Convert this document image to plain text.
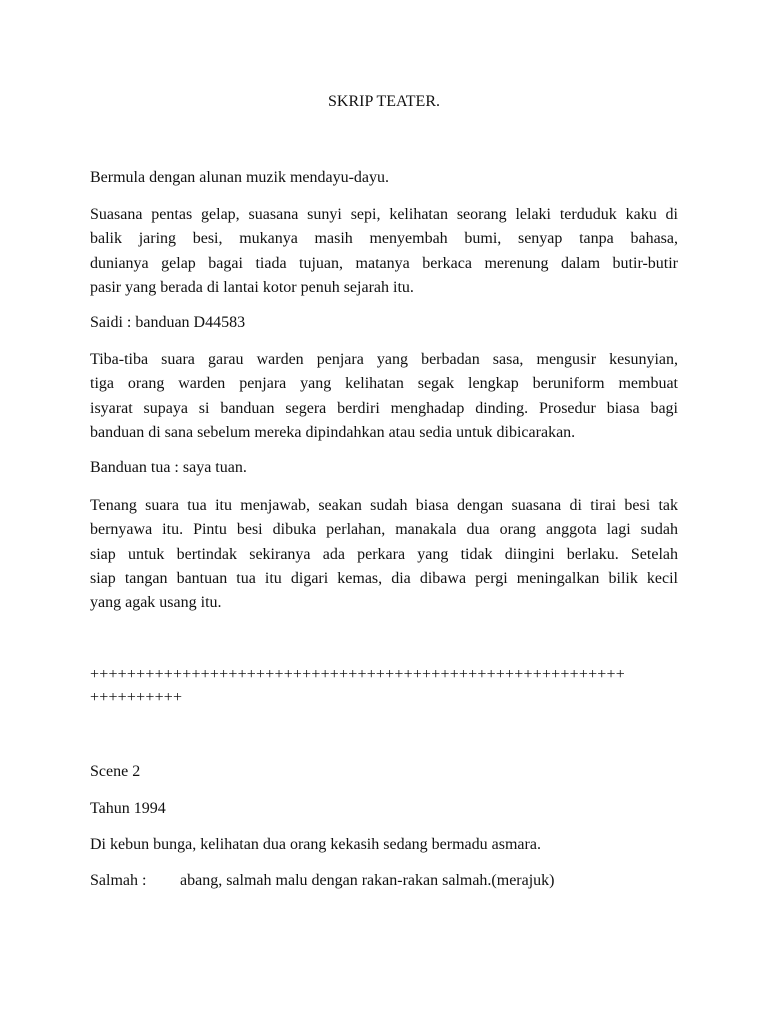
SKRIP TEATER.

Bermula dengan alunan muzik mendayu-dayu.

Suasana pentas gelap, suasana sunyi sepi, kelihatan seorang lelaki terduduk kaku di
balik jaring besi, mukanya masih menyembah bumi, senyap tanpa bahasa,
dunianya gelap bagai tiada tujuan, matanya berkaca merenung dalam butir-butir
pasir yang berada di lantai kotor penuh sejarah itu.

Saidi : banduan D44583

Tiba-tiba suara garau warden penjara yang berbadan sasa, mengusir kesunyian,
tiga orang warden penjara yang kelihatan segak lengkap beruniform membuat
isyarat supaya si banduan segera berdiri menghadap dinding. Prosedur biasa bagi
banduan di sana sebelum mereka dipindahkan atau sedia untuk dibicarakan.

Banduan tua : saya tuan.

Tenang suara tua itu menjawab, seakan sudah biasa dengan suasana di tirai besi tak
bernyawa itu. Pintu besi dibuka perlahan, manakala dua orang anggota lagi sudah
siap untuk bertindak sekiranya ada perkara yang tidak diingini berlaku. Setelah
siap tangan bantuan tua itu digari kemas, dia dibawa pergi meningalkan bilik kecil
yang agak usang itu.
++++++++++++++++++++++++++++++++++++++++++++++++++++++++++
++++++++++

Scene 2

Tahun 1994

Di kebun bunga, kelihatan dua orang kekasih sedang bermadu asmara.

Salmah : abang, salmah malu dengan rakan-rakan salmah.(merajuk)
